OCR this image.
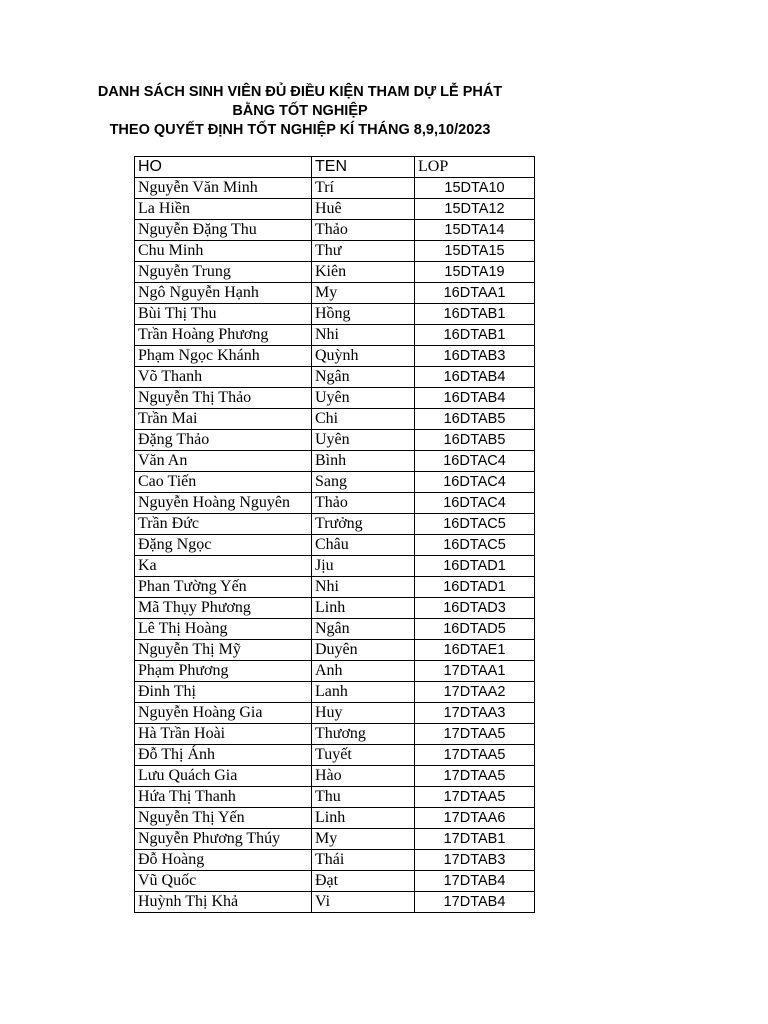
DANH SÁCH SINH VIÊN ĐỦ ĐIỀU KIỆN THAM DỰ LỄ PHÁT
BẰNG TỐT NGHIỆP
THEO QUYẾT ĐỊNH TỐT NGHIỆP KÍ THÁNG 8,9,10/2023
HO	TEN	LOP
Nguyễn Văn Minh	Trí	15DTA10
La Hiền	Huê	15DTA12
Nguyễn Đặng Thu	Thảo	15DTA14
Chu Minh	Thư	15DTA15
Nguyễn Trung	Kiên	15DTA19
Ngô Nguyễn Hạnh	My	16DTAA1
Bùi Thị Thu	Hồng	16DTAB1
Trần Hoàng Phương	Nhi	16DTAB1
Phạm Ngọc Khánh	Quỳnh	16DTAB3
Võ Thanh	Ngân	16DTAB4
Nguyễn Thị Thảo	Uyên	16DTAB4
Trần Mai	Chi	16DTAB5
Đặng Thảo	Uyên	16DTAB5
Văn An	Bình	16DTAC4
Cao Tiến	Sang	16DTAC4
Nguyễn Hoàng Nguyên	Thảo	16DTAC4
Trần Đức	Trưởng	16DTAC5
Đặng Ngọc	Châu	16DTAC5
Ka	Jịu	16DTAD1
Phan Tường Yến	Nhi	16DTAD1
Mã Thụy Phương	Linh	16DTAD3
Lê Thị Hoàng	Ngân	16DTAD5
Nguyễn Thị Mỹ	Duyên	16DTAE1
Phạm Phương	Anh	17DTAA1
Đinh Thị	Lanh	17DTAA2
Nguyễn Hoàng Gia	Huy	17DTAA3
Hà Trần Hoài	Thương	17DTAA5
Đỗ Thị Ánh	Tuyết	17DTAA5
Lưu Quách Gia	Hào	17DTAA5
Hứa Thị Thanh	Thu	17DTAA5
Nguyễn Thị Yến	Linh	17DTAA6
Nguyễn Phương Thúy	My	17DTAB1
Đỗ Hoàng	Thái	17DTAB3
Vũ Quốc	Đạt	17DTAB4
Huỳnh Thị Khả	Vi	17DTAB4
